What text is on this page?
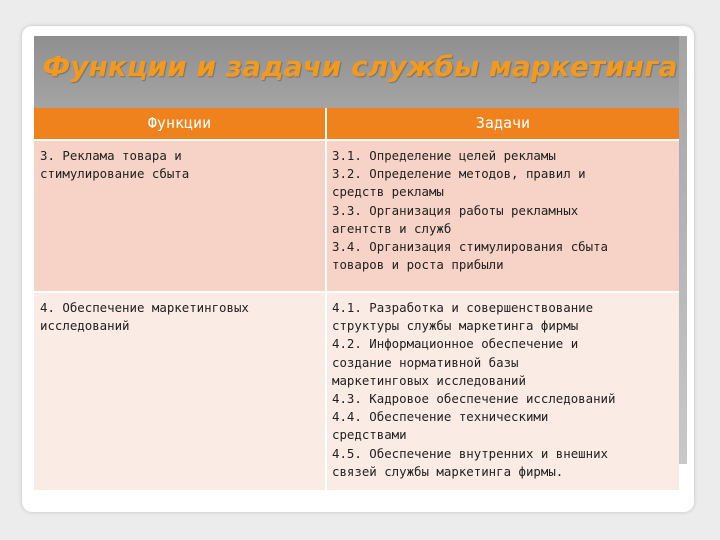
Функции и задачи службы маркетинга
Функции	Задачи
3. Реклама товара и
стимулирование сбыта
3.1. Определение целей рекламы
3.2. Определение методов, правил и
средств рекламы
3.3. Организация работы рекламных
агентств и служб
3.4. Организация стимулирования сбыта
товаров и роста прибыли
4. Обеспечение маркетинговых
исследований
4.1. Разработка и совершенствование
структуры службы маркетинга фирмы
4.2. Информационное обеспечение и
создание нормативной базы
маркетинговых исследований
4.3. Кадровое обеспечение исследований
4.4. Обеспечение техническими
средствами
4.5. Обеспечение внутренних и внешних
связей службы маркетинга фирмы.
